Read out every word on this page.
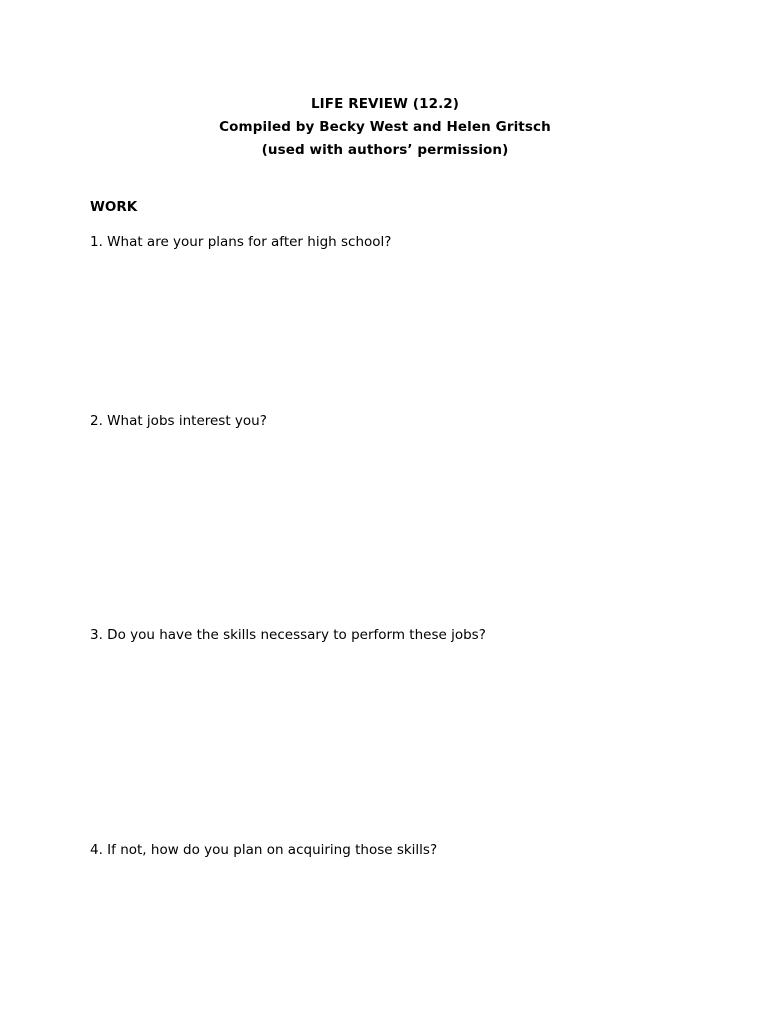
LIFE REVIEW (12.2)
Compiled by Becky West and Helen Gritsch
(used with authors’ permission)
WORK
1. What are your plans for after high school?
2. What jobs interest you?
3. Do you have the skills necessary to perform these jobs?
4. If not, how do you plan on acquiring those skills?
